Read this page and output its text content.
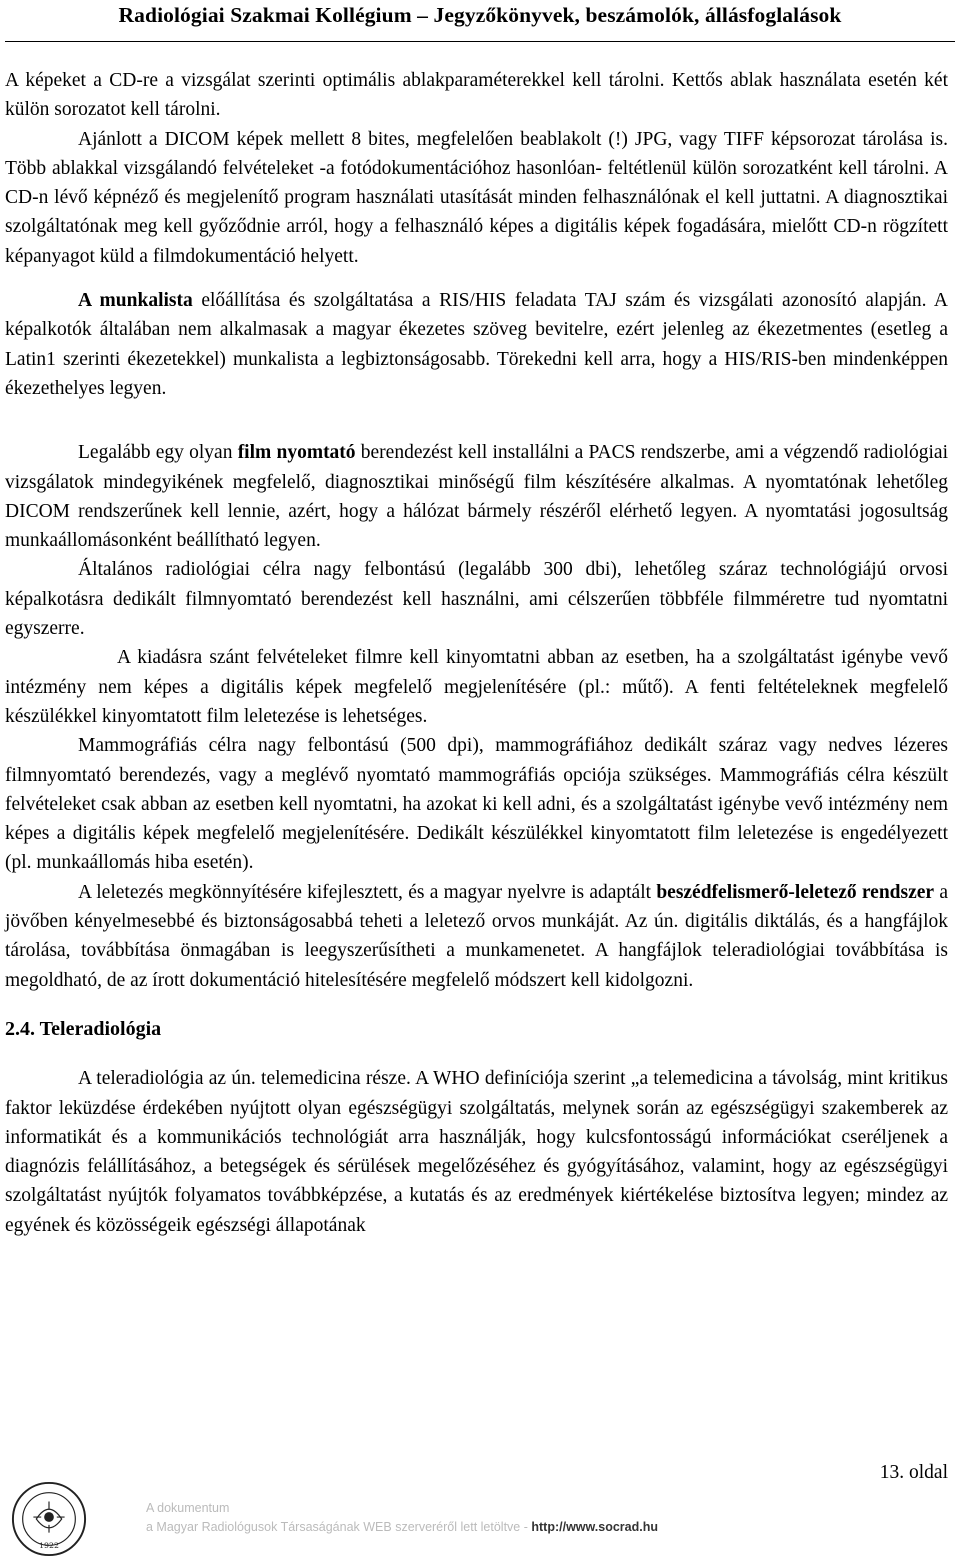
Radiológiai Szakmai Kollégium – Jegyzőkönyvek, beszámolók, állásfoglalások

A képeket a CD-re a vizsgálat szerinti optimális ablakparaméterekkel kell tárolni. Kettős ablak használata esetén két külön sorozatot kell tárolni.

Ajánlott a DICOM képek mellett 8 bites, megfelelően beablakolt (!) JPG, vagy TIFF képsorozat tárolása is. Több ablakkal vizsgálandó felvételeket -a fotódokumentációhoz hasonlóan- feltétlenül külön sorozatként kell tárolni. A CD-n lévő képnéző és megjelenítő program használati utasítását minden felhasználónak el kell juttatni. A diagnosztikai szolgáltatónak meg kell győződnie arról, hogy a felhasználó képes a digitális képek fogadására, mielőtt CD-n rögzített képanyagot küld a filmdokumentáció helyett.

A munkalista előállítása és szolgáltatása a RIS/HIS feladata TAJ szám és vizsgálati azonosító alapján. A képalkotók általában nem alkalmasak a magyar ékezetes szöveg bevitelre, ezért jelenleg az ékezetmentes (esetleg a Latin1 szerinti ékezetekkel) munkalista a legbiztonságosabb. Törekedni kell arra, hogy a HIS/RIS-ben mindenképpen ékezethelyes legyen.

Legalább egy olyan film nyomtató berendezést kell installálni a PACS rendszerbe, ami a végzendő radiológiai vizsgálatok mindegyikének megfelelő, diagnosztikai minőségű film készítésére alkalmas. A nyomtatónak lehetőleg DICOM rendszerűnek kell lennie, azért, hogy a hálózat bármely részéről elérhető legyen. A nyomtatási jogosultság munkaállomásonként beállítható legyen.

Általános radiológiai célra nagy felbontású (legalább 300 dbi), lehetőleg száraz technológiájú orvosi képalkotásra dedikált filmnyomtató berendezést kell használni, ami célszerűen többféle filmméretre tud nyomtatni egyszerre.

A kiadásra szánt felvételeket filmre kell kinyomtatni abban az esetben, ha a szolgáltatást igénybe vevő intézmény nem képes a digitális képek megfelelő megjelenítésére (pl.: műtő). A fenti feltételeknek megfelelő készülékkel kinyomtatott film leletezése is lehetséges.

Mammográfiás célra nagy felbontású (500 dpi), mammográfiához dedikált száraz vagy nedves lézeres filmnyomtató berendezés, vagy a meglévő nyomtató mammográfiás opciója szükséges. Mammográfiás célra készült felvételeket csak abban az esetben kell nyomtatni, ha azokat ki kell adni, és a szolgáltatást igénybe vevő intézmény nem képes a digitális képek megfelelő megjelenítésére. Dedikált készülékkel kinyomtatott film leletezése is engedélyezett (pl. munkaállomás hiba esetén).

A leletezés megkönnyítésére kifejlesztett, és a magyar nyelvre is adaptált beszédfelismerő-leletező rendszer a jövőben kényelmesebbé és biztonságosabbá teheti a leletező orvos munkáját. Az ún. digitális diktálás, és a hangfájlok tárolása, továbbítása önmagában is leegyszerűsítheti a munkamenetet. A hangfájlok teleradiológiai továbbítása is megoldható, de az írott dokumentáció hitelesítésére megfelelő módszert kell kidolgozni.

2.4. Teleradiológia

A teleradiológia az ún. telemedicina része. A WHO definíciója szerint „a telemedicina a távolság, mint kritikus faktor leküzdése érdekében nyújtott olyan egészségügyi szolgáltatás, melynek során az egészségügyi szakemberek az informatikát és a kommunikációs technológiát arra használják, hogy kulcsfontosságú információkat cseréljenek a diagnózis felállításához, a betegségek és sérülések megelőzéséhez és gyógyításához, valamint, hogy az egészségügyi szolgáltatást nyújtók folyamatos továbbképzése, a kutatás és az eredmények kiértékelése biztosítva legyen; mindez az egyének és közösségeik egészségi állapotának

13. oldal
1922
A dokumentum
a Magyar Radiológusok Társaságának WEB szerveréről lett letöltve - http://www.socrad.hu
